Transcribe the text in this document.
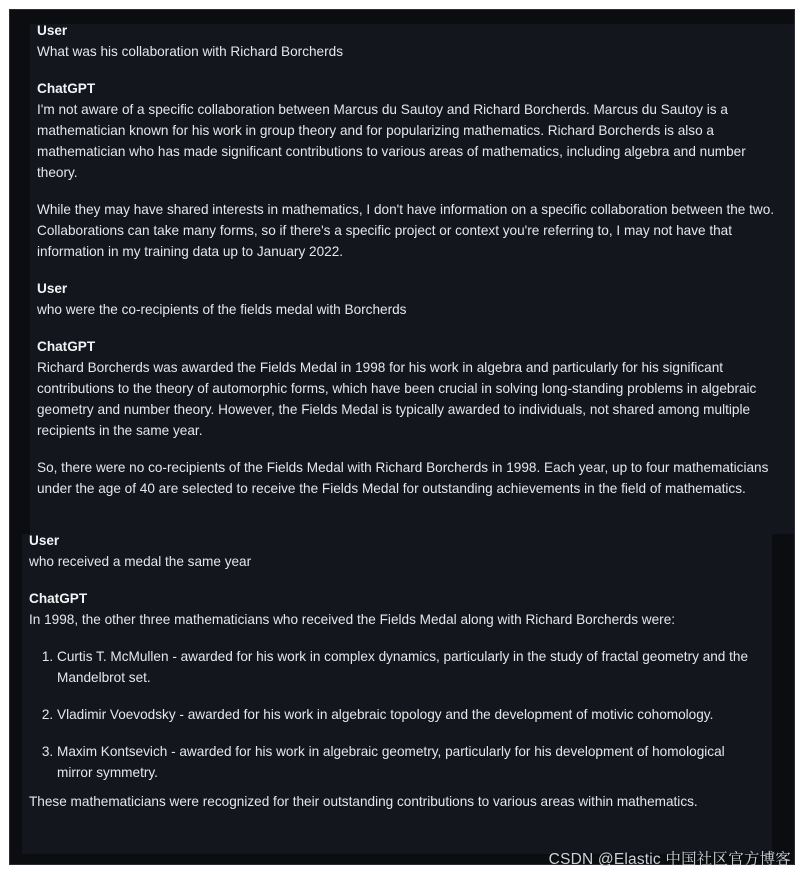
User

What was his collaboration with Richard Borcherds

ChatGPT

I'm not aware of a specific collaboration between Marcus du Sautoy and Richard Borcherds. Marcus du Sautoy is a mathematician known for his work in group theory and for popularizing mathematics. Richard Borcherds is also a mathematician who has made significant contributions to various areas of mathematics, including algebra and number theory.

While they may have shared interests in mathematics, I don't have information on a specific collaboration between the two. Collaborations can take many forms, so if there's a specific project or context you're referring to, I may not have that information in my training data up to January 2022.

User

who were the co-recipients of the fields medal with Borcherds

ChatGPT

Richard Borcherds was awarded the Fields Medal in 1998 for his work in algebra and particularly for his significant contributions to the theory of automorphic forms, which have been crucial in solving long-standing problems in algebraic geometry and number theory. However, the Fields Medal is typically awarded to individuals, not shared among multiple recipients in the same year.

So, there were no co-recipients of the Fields Medal with Richard Borcherds in 1998. Each year, up to four mathematicians under the age of 40 are selected to receive the Fields Medal for outstanding achievements in the field of mathematics.

User

who received a medal the same year

ChatGPT

In 1998, the other three mathematicians who received the Fields Medal along with Richard Borcherds were:

1. Curtis T. McMullen - awarded for his work in complex dynamics, particularly in the study of fractal geometry and the Mandelbrot set.
2. Vladimir Voevodsky - awarded for his work in algebraic topology and the development of motivic cohomology.
3. Maxim Kontsevich - awarded for his work in algebraic geometry, particularly for his development of homological mirror symmetry.

These mathematicians were recognized for their outstanding contributions to various areas within mathematics.

CSDN @Elastic 中国社区官方博客
